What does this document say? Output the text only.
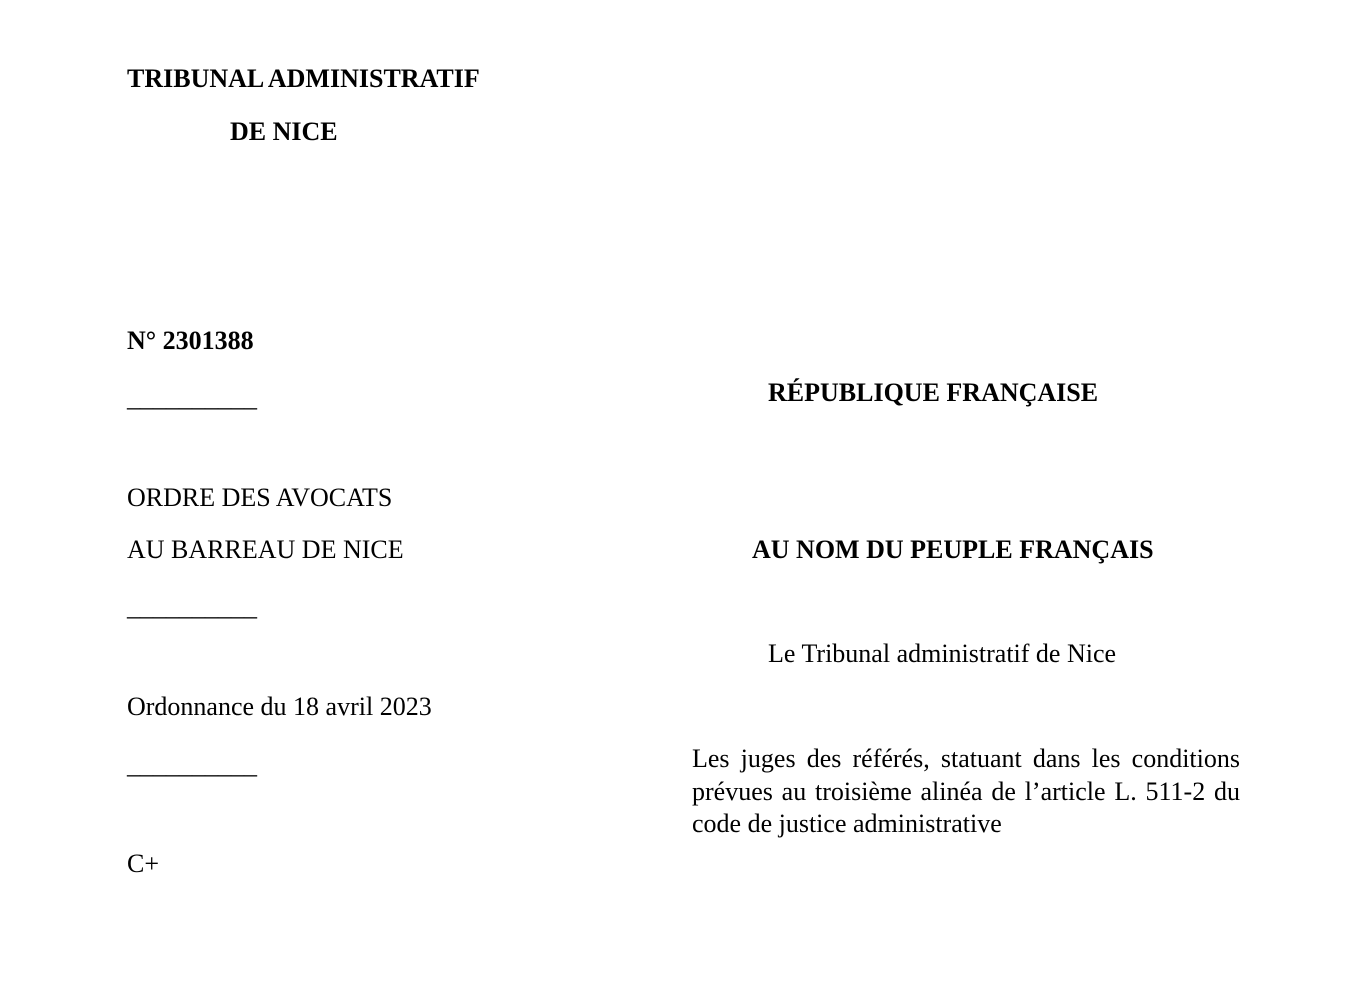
TRIBUNAL ADMINISTRATIF
DE NICE
N° 2301388
__________
ORDRE DES AVOCATS
AU BARREAU DE NICE
__________
Ordonnance du 18 avril 2023
__________
C+
RÉPUBLIQUE FRANÇAISE
AU NOM DU PEUPLE FRANÇAIS
Le Tribunal administratif de Nice
Les juges des référés, statuant dans les conditions prévues au troisième alinéa de l’article L. 511-2 du code de justice administrative
